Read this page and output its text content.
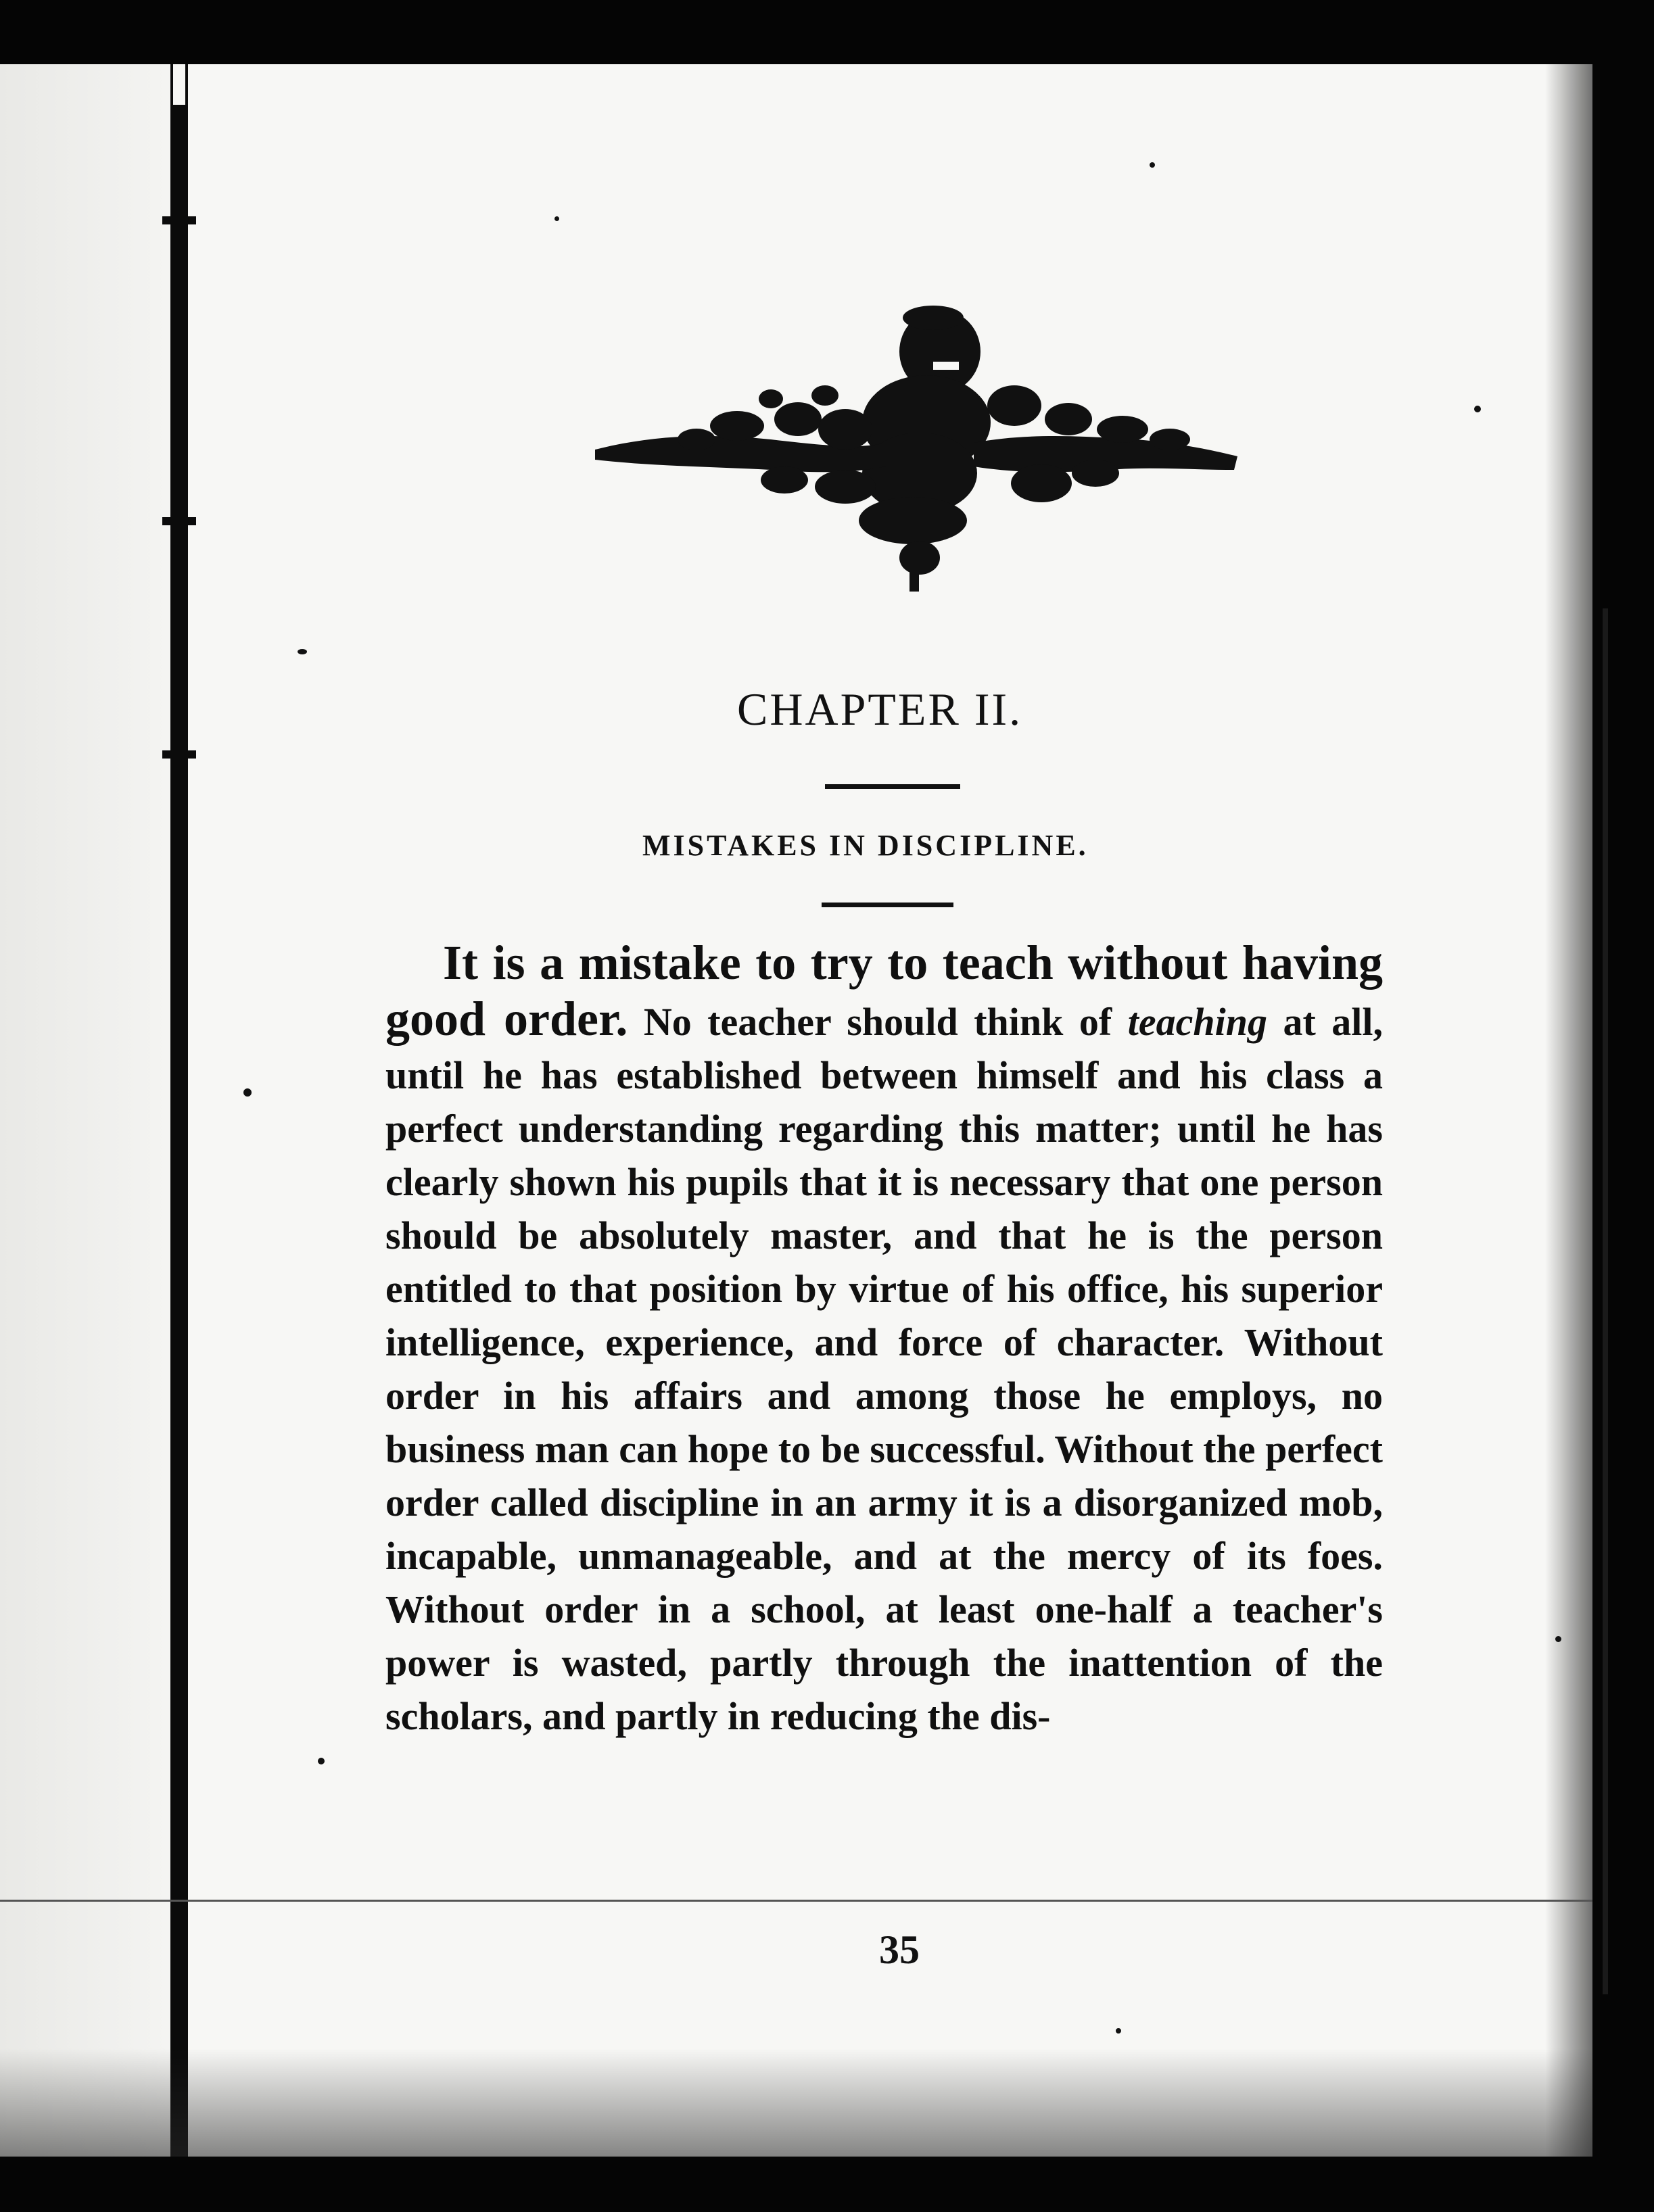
CHAPTER II.
MISTAKES IN DISCIPLINE.

It is a mistake to try to teach without having good order. No teacher should think of teaching at all, until he has established between himself and his class a perfect understanding regarding this matter; until he has clearly shown his pupils that it is necessary that one person should be absolutely master, and that he is the person entitled to that position by virtue of his office, his superior intelligence, experience, and force of character. Without order in his affairs and among those he employs, no business man can hope to be successful. Without the perfect order called discipline in an army it is a disorganized mob, incapable, unmanageable, and at the mercy of its foes. Without order in a school, at least one-half a teacher's power is wasted, partly through the inattention of the scholars, and partly in reducing the dis-

35
